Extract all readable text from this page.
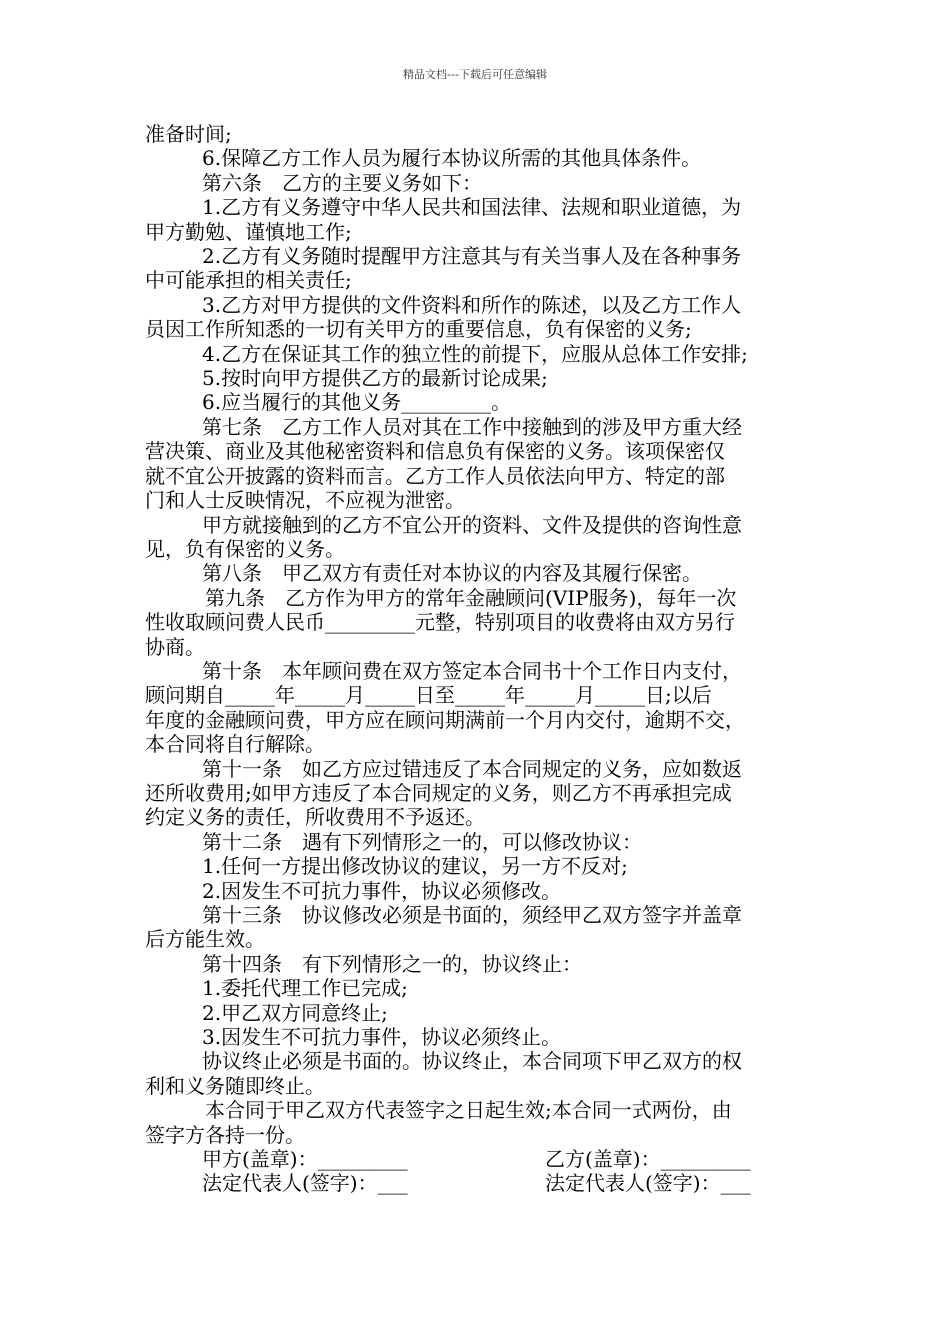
精品文档---下载后可任意编辑

准备时间;

6.保障乙方工作人员为履行本协议所需的其他具体条件。

第六条　乙方的主要义务如下：

1.乙方有义务遵守中华人民共和国法律、法规和职业道德，为

甲方勤勉、谨慎地工作;

2.乙方有义务随时提醒甲方注意其与有关当事人及在各种事务

中可能承担的相关责任;

3.乙方对甲方提供的文件资料和所作的陈述，以及乙方工作人

员因工作所知悉的一切有关甲方的重要信息，负有保密的义务;

4.乙方在保证其工作的独立性的前提下，应服从总体工作安排;

5.按时向甲方提供乙方的最新讨论成果;

6.应当履行的其他义务_________。

第七条　乙方工作人员对其在工作中接触到的涉及甲方重大经

营决策、商业及其他秘密资料和信息负有保密的义务。该项保密仅

就不宜公开披露的资料而言。乙方工作人员依法向甲方、特定的部

门和人士反映情况，不应视为泄密。

甲方就接触到的乙方不宜公开的资料、文件及提供的咨询性意

见，负有保密的义务。

第八条　甲乙双方有责任对本协议的内容及其履行保密。

第九条　乙方作为甲方的常年金融顾问(VIP服务)，每年一次

性收取顾问费人民币_________元整，特别项目的收费将由双方另行

协商。

第十条　本年顾问费在双方签定本合同书十个工作日内支付，

顾问期自_____年_____月_____日至_____年_____月_____日;以后

年度的金融顾问费，甲方应在顾问期满前一个月内交付，逾期不交，

本合同将自行解除。

第十一条　如乙方应过错违反了本合同规定的义务，应如数返

还所收费用;如甲方违反了本合同规定的义务，则乙方不再承担完成

约定义务的责任，所收费用不予返还。

第十二条　遇有下列情形之一的，可以修改协议：

1.任何一方提出修改协议的建议，另一方不反对;

2.因发生不可抗力事件，协议必须修改。

第十三条　协议修改必须是书面的，须经甲乙双方签字并盖章

后方能生效。

第十四条　有下列情形之一的，协议终止：

1.委托代理工作已完成;

2.甲乙双方同意终止;

3.因发生不可抗力事件，协议必须终止。

协议终止必须是书面的。协议终止，本合同项下甲乙双方的权

利和义务随即终止。

本合同于甲乙双方代表签字之日起生效;本合同一式两份，由

签字方各持一份。

甲方(盖章)：_________	乙方(盖章)：_________
法定代表人(签字)：___	法定代表人(签字)：___
